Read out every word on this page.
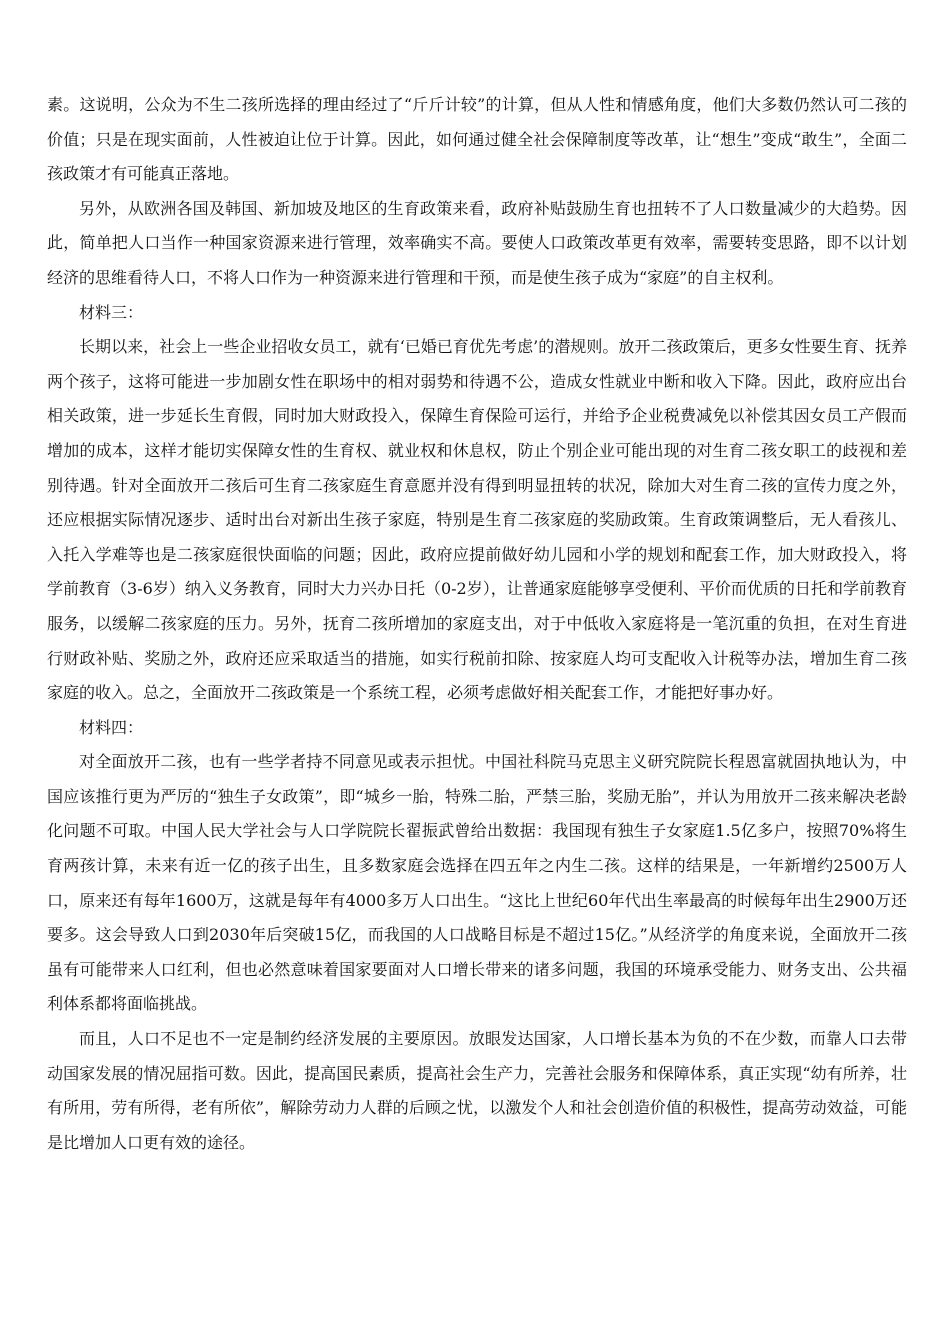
素。这说明，公众为不生二孩所选择的理由经过了“斤斤计较”的计算，但从人性和情感角度，他们大多数仍然认可二孩的价值；只是在现实面前，人性被迫让位于计算。因此，如何通过健全社会保障制度等改革，让“想生”变成“敢生”，全面二孩政策才有可能真正落地。

另外，从欧洲各国及韩国、新加坡及地区的生育政策来看，政府补贴鼓励生育也扭转不了人口数量减少的大趋势。因此，简单把人口当作一种国家资源来进行管理，效率确实不高。要使人口政策改革更有效率，需要转变思路，即不以计划经济的思维看待人口，不将人口作为一种资源来进行管理和干预，而是使生孩子成为“家庭”的自主权利。

材料三：

长期以来，社会上一些企业招收女员工，就有‘已婚已育优先考虑’的潜规则。放开二孩政策后，更多女性要生育、抚养两个孩子，这将可能进一步加剧女性在职场中的相对弱势和待遇不公，造成女性就业中断和收入下降。因此，政府应出台相关政策，进一步延长生育假，同时加大财政投入，保障生育保险可运行，并给予企业税费减免以补偿其因女员工产假而增加的成本，这样才能切实保障女性的生育权、就业权和休息权，防止个别企业可能出现的对生育二孩女职工的歧视和差别待遇。针对全面放开二孩后可生育二孩家庭生育意愿并没有得到明显扭转的状况，除加大对生育二孩的宣传力度之外，还应根据实际情况逐步、适时出台对新出生孩子家庭，特别是生育二孩家庭的奖励政策。生育政策调整后，无人看孩儿、入托入学难等也是二孩家庭很快面临的问题；因此，政府应提前做好幼儿园和小学的规划和配套工作，加大财政投入，将学前教育（3-6岁）纳入义务教育，同时大力兴办日托（0-2岁），让普通家庭能够享受便利、平价而优质的日托和学前教育服务，以缓解二孩家庭的压力。另外，抚育二孩所增加的家庭支出，对于中低收入家庭将是一笔沉重的负担，在对生育进行财政补贴、奖励之外，政府还应采取适当的措施，如实行税前扣除、按家庭人均可支配收入计税等办法，增加生育二孩家庭的收入。总之，全面放开二孩政策是一个系统工程，必须考虑做好相关配套工作，才能把好事办好。

材料四：

对全面放开二孩，也有一些学者持不同意见或表示担忧。中国社科院马克思主义研究院院长程恩富就固执地认为，中国应该推行更为严厉的“独生子女政策”，即“城乡一胎，特殊二胎，严禁三胎，奖励无胎”，并认为用放开二孩来解决老龄化问题不可取。中国人民大学社会与人口学院院长翟振武曾给出数据：我国现有独生子女家庭1.5亿多户，按照70%将生育两孩计算，未来有近一亿的孩子出生，且多数家庭会选择在四五年之内生二孩。这样的结果是，一年新增约2500万人口，原来还有每年1600万，这就是每年有4000多万人口出生。“这比上世纪60年代出生率最高的时候每年出生2900万还要多。这会导致人口到2030年后突破15亿，而我国的人口战略目标是不超过15亿。”从经济学的角度来说，全面放开二孩虽有可能带来人口红利，但也必然意味着国家要面对人口增长带来的诸多问题，我国的环境承受能力、财务支出、公共福利体系都将面临挑战。

而且，人口不足也不一定是制约经济发展的主要原因。放眼发达国家，人口增长基本为负的不在少数，而靠人口去带动国家发展的情况屈指可数。因此，提高国民素质，提高社会生产力，完善社会服务和保障体系，真正实现“幼有所养，壮有所用，劳有所得，老有所依”，解除劳动力人群的后顾之忧，以激发个人和社会创造价值的积极性，提高劳动效益，可能是比增加人口更有效的途径。
